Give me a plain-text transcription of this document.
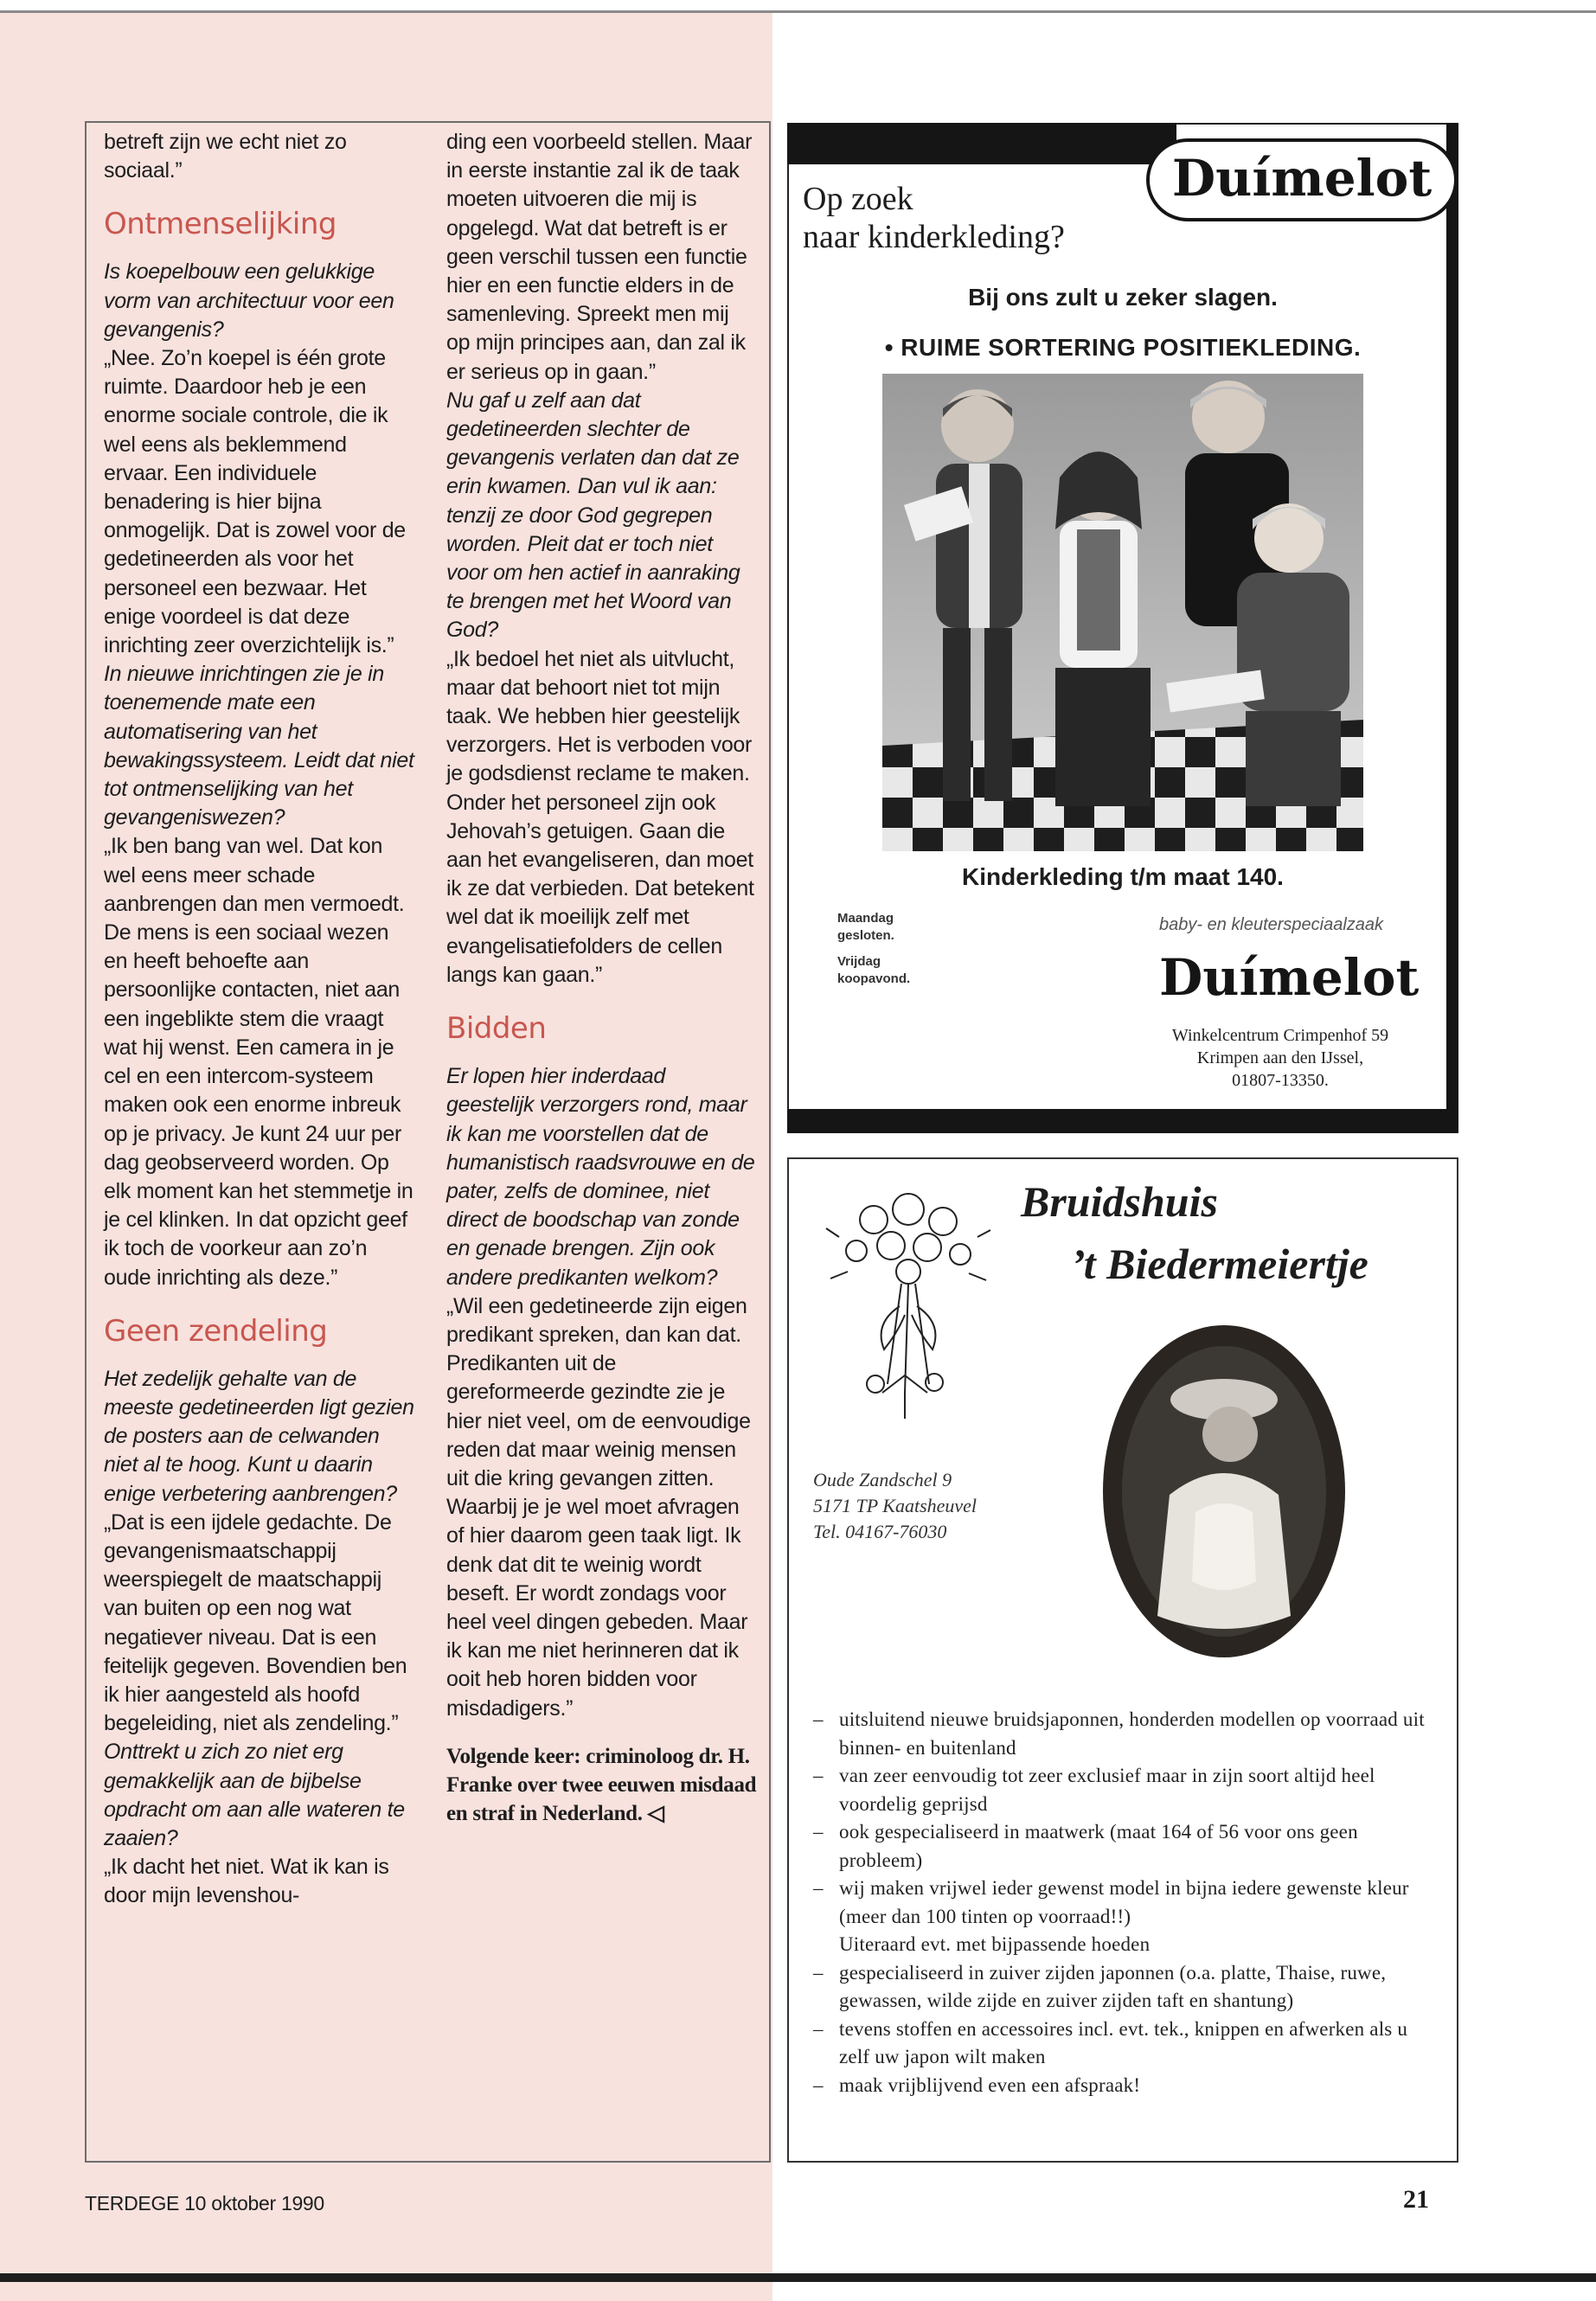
betreft zijn we echt niet zo sociaal.”

Ontmenselijking

Is koepelbouw een gelukkige vorm van architectuur voor een gevangenis?

„Nee. Zo’n koepel is één grote ruimte. Daardoor heb je een enorme sociale controle, die ik wel eens als beklemmend ervaar. Een individuele benadering is hier bijna onmogelijk. Dat is zowel voor de gedetineerden als voor het personeel een bezwaar. Het enige voordeel is dat deze inrichting zeer overzichtelijk is.”

In nieuwe inrichtingen zie je in toenemende mate een automatisering van het bewakingssysteem. Leidt dat niet tot ontmenselijking van het gevangeniswezen?

„Ik ben bang van wel. Dat kon wel eens meer schade aanbrengen dan men vermoedt. De mens is een sociaal wezen en heeft behoefte aan persoonlijke contacten, niet aan een ingeblikte stem die vraagt wat hij wenst. Een camera in je cel en een intercom-systeem maken ook een enorme inbreuk op je privacy. Je kunt 24 uur per dag geobserveerd worden. Op elk moment kan het stemmetje in je cel klinken. In dat opzicht geef ik toch de voorkeur aan zo’n oude inrichting als deze.”

Geen zendeling

Het zedelijk gehalte van de meeste gedetineerden ligt gezien de posters aan de celwanden niet al te hoog. Kunt u daarin enige verbetering aanbrengen?

„Dat is een ijdele gedachte. De gevangenismaatschappij weerspiegelt de maatschappij van buiten op een nog wat negatiever niveau. Dat is een feitelijk gegeven. Bovendien ben ik hier aangesteld als hoofd begeleiding, niet als zendeling.”

Onttrekt u zich zo niet erg gemakkelijk aan de bijbelse opdracht om aan alle wateren te zaaien?

„Ik dacht het niet. Wat ik kan is door mijn levenshou-

ding een voorbeeld stellen. Maar in eerste instantie zal ik de taak moeten uitvoeren die mij is opgelegd. Wat dat betreft is er geen verschil tussen een functie hier en een functie elders in de samenleving. Spreekt men mij op mijn principes aan, dan zal ik er serieus op in gaan.”

Nu gaf u zelf aan dat gedetineerden slechter de gevangenis verlaten dan dat ze erin kwamen. Dan vul ik aan: tenzij ze door God gegrepen worden. Pleit dat er toch niet voor om hen actief in aanraking te brengen met het Woord van God?

„Ik bedoel het niet als uitvlucht, maar dat behoort niet tot mijn taak. We hebben hier geestelijk verzorgers. Het is verboden voor je godsdienst reclame te maken. Onder het personeel zijn ook Jehovah’s getuigen. Gaan die aan het evangeliseren, dan moet ik ze dat verbieden. Dat betekent wel dat ik moeilijk zelf met evangelisatiefolders de cellen langs kan gaan.”

Bidden

Er lopen hier inderdaad geestelijk verzorgers rond, maar ik kan me voorstellen dat de humanistisch raadsvrouwe en de pater, zelfs de dominee, niet direct de boodschap van zonde en genade brengen. Zijn ook andere predikanten welkom?

„Wil een gedetineerde zijn eigen predikant spreken, dan kan dat. Predikanten uit de gereformeerde gezindte zie je hier niet veel, om de eenvoudige reden dat maar weinig mensen uit die kring gevangen zitten. Waarbij je je wel moet afvragen of hier daarom geen taak ligt. Ik denk dat dit te weinig wordt beseft. Er wordt zondags voor heel veel dingen gebeden. Maar ik kan me niet herinneren dat ik ooit heb horen bidden voor misdadigers.”

Volgende keer: criminoloog dr. H. Franke over twee eeuwen misdaad en straf in Nederland. ◁

Op zoek
naar kinderkleding?
Duímelot
Bij ons zult u zeker slagen.
• RUIME SORTERING POSITIEKLEDING.
Kinderkleding t/m maat 140.

Maandag

gesloten.

Vrijdag

koopavond.

baby- en kleuterspeciaalzaak
Duímelot

Winkelcentrum Crimpenhof 59

Krimpen aan den IJssel,

01807-13350.

Bruidshuis
’t Biedermeiertje

Oude Zandschel 9

5171 TP Kaatsheuvel

Tel. 04167-76030

– uitsluitend nieuwe bruidsjaponnen, honderden modellen op voorraad uit binnen- en buitenland
– van zeer eenvoudig tot zeer exclusief maar in zijn soort altijd heel voordelig geprijsd
– ook gespecialiseerd in maatwerk (maat 164 of 56 voor ons geen probleem)
– wij maken vrijwel ieder gewenst model in bijna iedere gewenste kleur (meer dan 100 tinten op voorraad!!)
Uiteraard evt. met bijpassende hoeden
– gespecialiseerd in zuiver zijden japonnen (o.a. platte, Thaise, ruwe, gewassen, wilde zijde en zuiver zijden taft en shantung)
– tevens stoffen en accessoires incl. evt. tek., knippen en afwerken als u zelf uw japon wilt maken
– maak vrijblijvend even een afspraak!
TERDEGE 10 oktober 1990	21
